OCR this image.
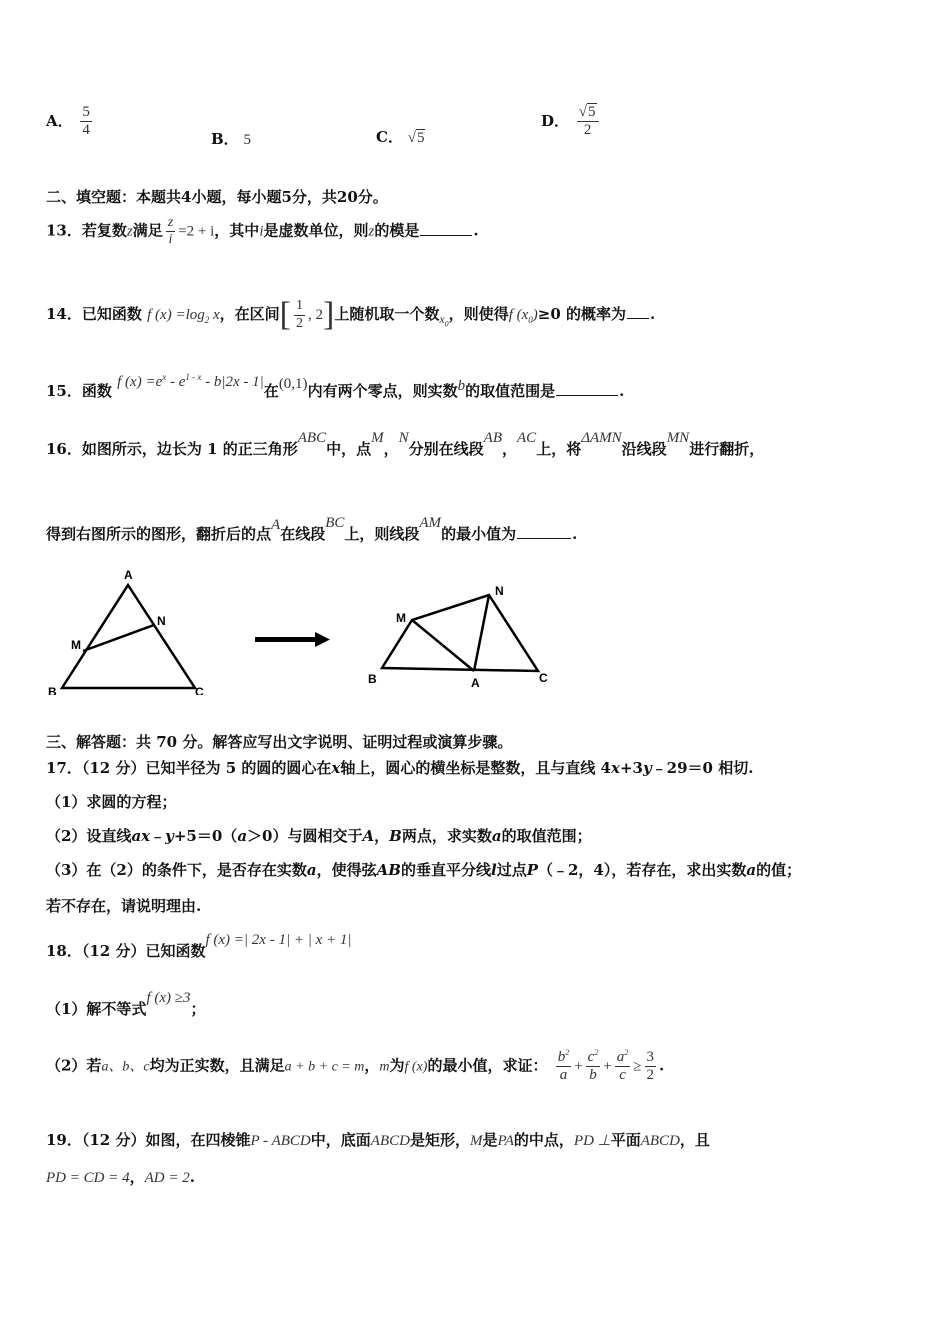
A． $\frac{5}{4}$	B． 5	C． √5
D． $\frac{√5}{2}$
二、填空题：本题共4小题，每小题5分，共20分。
13．若复数z满足 $\frac{z}{i} =2 + i$，其中i是虚数单位，则z的模是	.
14．已知函数 f $(x) =\log_2$ x，在区间[ $\frac{1}{2}$ , 2]上随机取一个数$_{x_0}$，则使得f $(x_0)\ge 0$ 的概率为 .
15．函数 f $(x) =e^x - e^{1 - x} - b|2x - 1|$在(0,1)内有两个零点，则实数b的取值范围是	.
16．如图所示，边长为 1 的正三角形ABC中，点M，N分别在线段AB，AC上，将ΔAMN沿线段MN进行翻折，
得到右图所示的图形，翻折后的点A在线段BC上，则线段AM的最小值为	.
A
B	C
M
N
B	A	C
M
N
三、解答题：共 70 分。解答应写出文字说明、证明过程或演算步骤。
17．（12 分）已知半径为 5 的圆的圆心在x轴上，圆心的横坐标是整数，且与直线 4x+3y﹣29＝0 相切.
（1）求圆的方程；
（2）设直线ax﹣y+5＝0（a＞0）与圆相交于A，B两点，求实数a的取值范围；
（3）在（2）的条件下，是否存在实数a，使得弦AB的垂直平分线l过点P（﹣2，4），若存在，求出实数a的值；
若不存在，请说明理由.
18．（12 分）已知函数f (x) =| 2x - 1| + | x + 1|
（1）解不等式f (x) ≥3；
（2）若a、b、c均为正实数，且满足a + b + c = m，m为f (x)的最小值，求证： $\frac{b^2}{a} + \frac{c^2}{b} + \frac{a^2}{c} \ge \frac{3}{2}$ .
19．（12 分）如图，在四棱锥P - ABCD中，底面ABCD是矩形，M是PA的中点，PD ⊥平面ABCD，且
PD = CD = 4，AD = 2.
